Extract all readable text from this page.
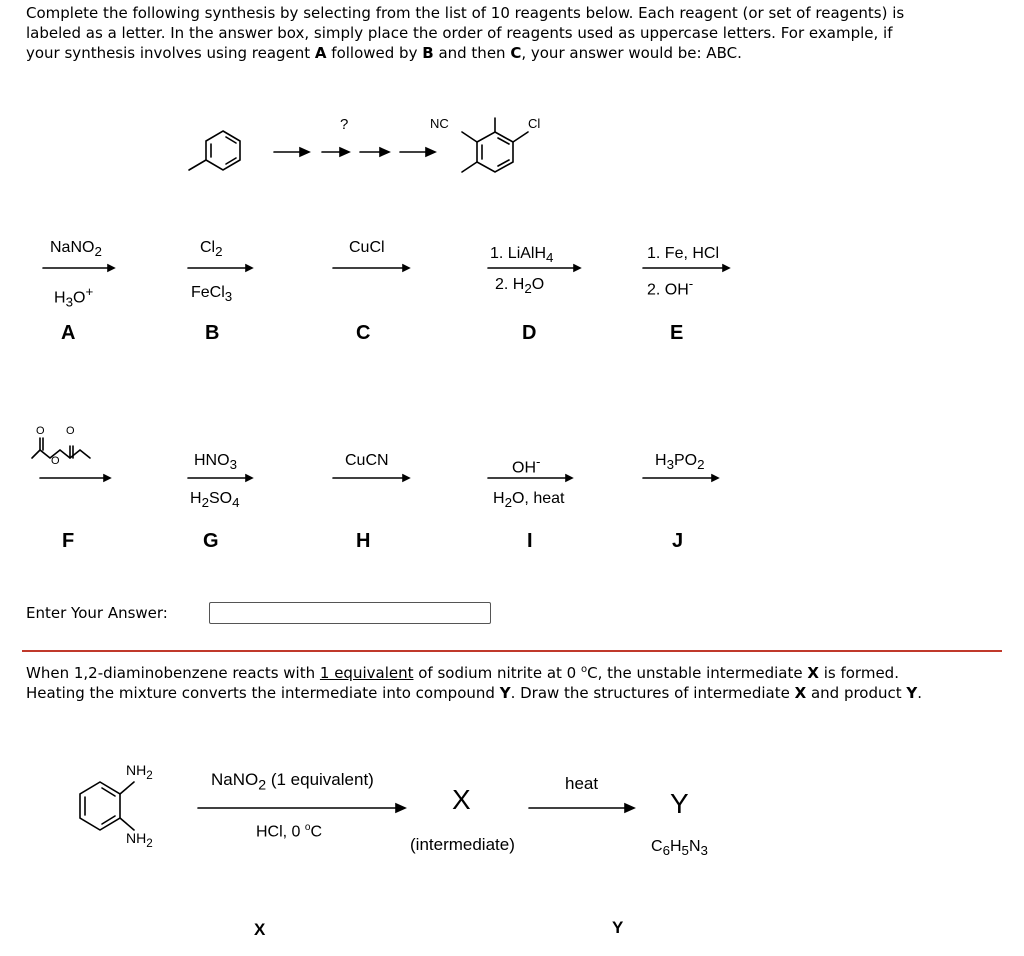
Complete the following synthesis by selecting from the list of 10 reagents below. Each reagent (or set of reagents) is

labeled as a letter. In the answer box, simply place the order of reagents used as uppercase letters. For example, if

your synthesis involves using reagent A followed by B and then C, your answer would be: ABC.

?	NC	Cl
NaNO$_2$
$H_3O^+$
A
$Cl_2$
FeCl$_3$
B
CuCl
C
1. LiAlH$_4$
2. $H_2O$
D
1. Fe, HCl
2. OH-
E
O O
O
F
$HNO_3$
$H_2SO_4$
G
CuCN
H
OH-
$H_2O$, heat
I
$H_3PO_2$
J
Enter Your Answer:

When 1,2-diaminobenzene reacts with 1 equivalent of sodium nitrite at 0 $^o$C, the unstable intermediate X is formed.

Heating the mixture converts the intermediate into compound Y. Draw the structures of intermediate X and product Y.

$NH_2$
$NH_2$
NaNO$_2$ (1 equivalent)
HCl, 0 $^o$C
X
(intermediate)
heat
Y
$C_6H_5N_3$
X	Y
